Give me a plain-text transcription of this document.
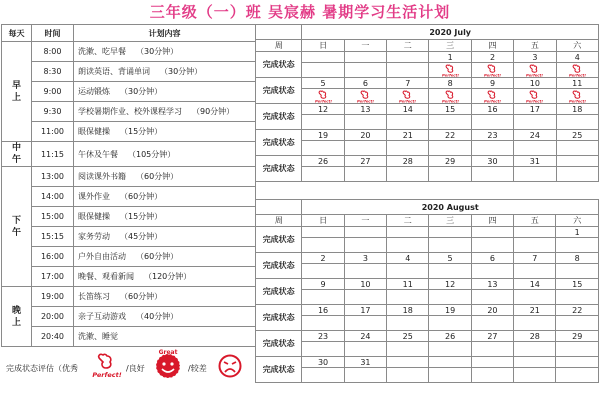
三年级（一）班 吴宸赫 暑期学习生活计划
每天	时间	计划内容
早
上	8:00	洗漱、吃早餐 （30分钟）
	8:30	朗读英语、背诵单词 （30分钟）
	9:00	运动锻炼 （30分钟）
	9:30	学校暑期作业、校外课程学习 （90分钟）
	11:00	眼保健操 （15分钟）
中
午	11:15	午休及午餐 （105分钟）
下
午	13:00	阅读课外书籍 （60分钟）
	14:00	课外作业 （60分钟）
	15:00	眼保健操 （15分钟）
	15:15	家务劳动 （45分钟）
	16:00	户外自由活动 （60分钟）
	17:00	晚餐、观看新闻 （120分钟）
晚
上	19:00	长笛练习 （60分钟）
	20:00	亲子互动游戏 （40分钟）
	20:40	洗漱、睡觉
	2020 July						
周	日	一	二	三	四	五	六
完成状态				1	2	3	4

Perfect!	Perfect!	Perfect!	Perfect!

完成状态	5	6	7	8	9	10	11

Perfect!	Perfect!	Perfect!	Perfect!	Perfect!	Perfect!	Perfect!

完成状态	12	13	14	15	16	17	18

完成状态	19	20	21	22	23	24	25

完成状态	26	27	28	29	30	31	

	2020 August						
周	日	一	二	三	四	五	六
完成状态							1

完成状态	2	3	4	5	6	7	8

完成状态	9	10	11	12	13	14	15

完成状态	16	17	18	19	20	21	22

完成状态	23	24	25	26	27	28	29

完成状态	30	31					

完成状态评估（优秀
Perfect!
/良好
Great
/较差
